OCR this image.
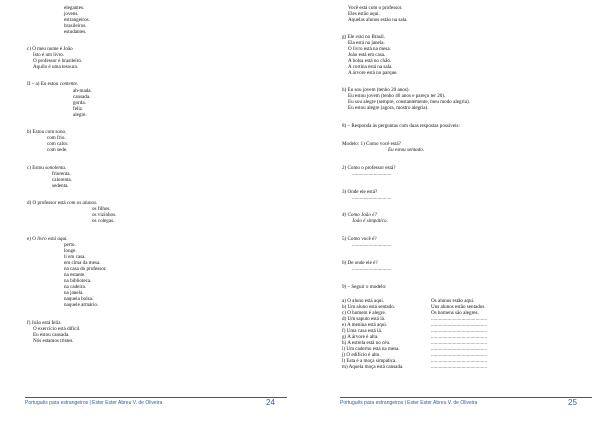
elegantes.
jovens.
estrangeiros.
brasileiros.
estudantes.
c) O meu nome é João
Isto é um livro.
O professor é brasileiro.
Aquilo é uma tesoura.
II – a) Eu estou contente.
ah-mada.
cansada.
gorda.
feliz.
alegre.
b) Estou com sono.
com frio.
com calor.
com sede.
c) Estou sonolenta.
friorenta.
calorenta.
sedenta.
d) O professor está com os alunos.
os filhos.
os vizinhos.
os colegas.
e) O livro está aqui.
perto.
longe.
li em casa.
em cima da mesa.
na casa do professor.
na estante.
na biblioteca.
na cadeira.
na janela.
naquela bolsa.
naquele armário.
f) João está feliz.
O exercício está difícil.
Eu estou cansada.
Nós estamos tristes.
Português para estrangeiros | Ester Ester Abreu V. de Oliveira	24
Você está com o professor.
Eles estão aqui.
Aquelas alunos estão na sala.
g) Ele está no Brasil.
Ela está na janela.
O livro está na mesa.
João está em casa.
A bolsa está no chão.
A cortina está na sala.
A árvore está no parque.
h) Eu sou jovem (tenho 20 anos).
Eu estou jovem (tenho 40 anos e pareço ter 20).
Eu sou alegre (sempre, constantemente, meu modo alegria).
Eu estou alegre (agora, mostro alegria).
8) – Responda às perguntas com duas respostas possíveis:
Modelo: 1) Como você está?
Eu estou sentado.
2) Como o professor está?
...............................
3) Onde ele está?
...............................
4) Como João é?
João é simpático.
5) Como você é?
...............................
6) De onde ele é?
...............................
9) – Seguir o modelo:
a) O aluno está aqui.	Os alunos estão aqui.
b) Um aluno está sentado.	Uns alunos estão sentados.
c) O homem é alegre.	Os homens são alegres.
d) Um saputo está lá.	............................................
e) A menina está aqui.	............................................
f) Uma casa está lá.	............................................
g) A árvore é alta.	............................................
h) A estrela está no céu.	............................................
i) Um caderno está na mesa.	............................................
j) O edifício é alto.	............................................
l) Esta é a moça simpática.	............................................
m) Aquela moça está cansada.	............................................
Português para estrangeiros | Ester Ester Abreu V. de Oliveira	25
